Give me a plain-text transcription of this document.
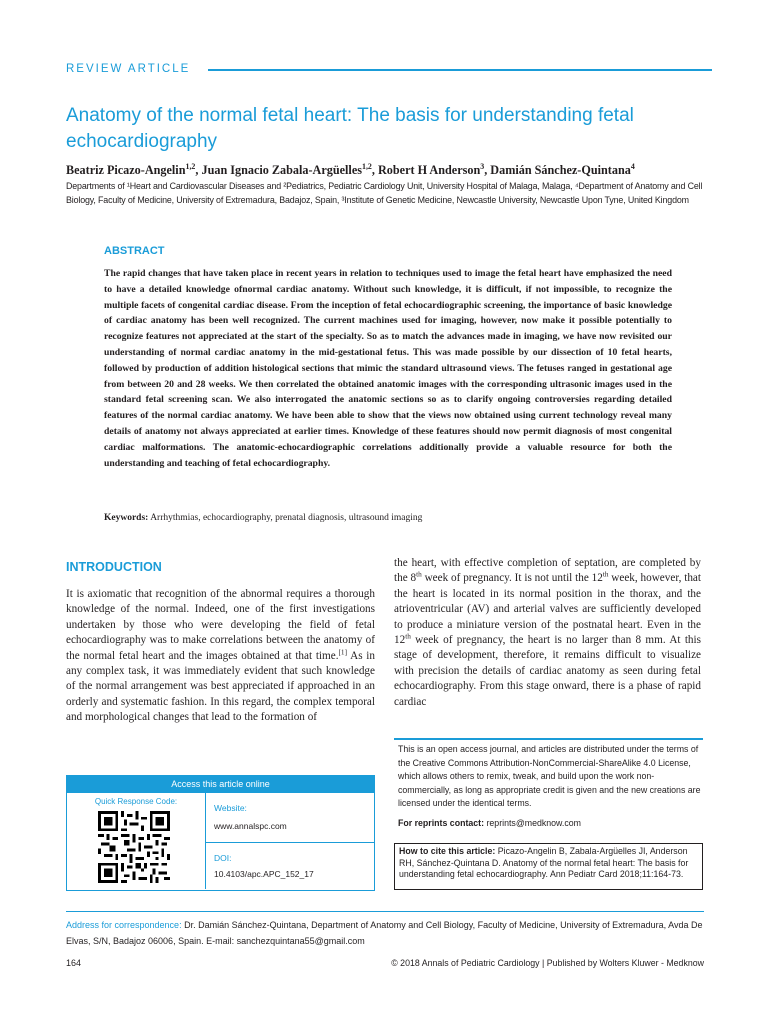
REVIEW ARTICLE
Anatomy of the normal fetal heart: The basis for understanding fetal echocardiography
Beatriz Picazo-Angelin$^{1,2}$, Juan Ignacio Zabala-Argüelles$^{1,2}$, Robert H Anderson$^3$, Damián Sánchez-Quintana$^4$
Departments of ¹Heart and Cardiovascular Diseases and ²Pediatrics, Pediatric Cardiology Unit, University Hospital of Malaga, Malaga, ⁴Department of Anatomy and Cell Biology, Faculty of Medicine, University of Extremadura, Badajoz, Spain, ³Institute of Genetic Medicine, Newcastle University, Newcastle Upon Tyne, United Kingdom
ABSTRACT
The rapid changes that have taken place in recent years in relation to techniques used to image the fetal heart have emphasized the need to have a detailed knowledge ofnormal cardiac anatomy. Without such knowledge, it is difficult, if not impossible, to recognize the multiple facets of congenital cardiac disease. From the inception of fetal echocardiographic screening, the importance of basic knowledge of cardiac anatomy has been well recognized. The current machines used for imaging, however, now make it possible potentially to recognize features not appreciated at the start of the specialty. So as to match the advances made in imaging, we have now revisited our understanding of normal cardiac anatomy in the mid-gestational fetus. This was made possible by our dissection of 10 fetal hearts, followed by production of addition histological sections that mimic the standard ultrasound views. The fetuses ranged in gestational age from between 20 and 28 weeks. We then correlated the obtained anatomic images with the corresponding ultrasonic images used in the standard fetal screening scan. We also interrogated the anatomic sections so as to clarify ongoing controversies regarding detailed features of the normal cardiac anatomy. We have been able to show that the views now obtained using current technology reveal many details of anatomy not always appreciated at earlier times. Knowledge of these features should now permit diagnosis of most congenital cardiac malformations. The anatomic-echocardiographic correlations additionally provide a valuable resource for both the understanding and teaching of fetal echocardiography.
Keywords: Arrhythmias, echocardiography, prenatal diagnosis, ultrasound imaging
INTRODUCTION
It is axiomatic that recognition of the abnormal requires a thorough knowledge of the normal. Indeed, one of the first investigations undertaken by those who were developing the field of fetal echocardiography was to make correlations between the anatomy of the normal fetal heart and the images obtained at that time.[1] As in any complex task, it was immediately evident that such knowledge of the normal arrangement was best appreciated if approached in an orderly and systematic fashion. In this regard, the complex temporal and morphological changes that lead to the formation of
the heart, with effective completion of septation, are completed by the 8th week of pregnancy. It is not until the 12th week, however, that the heart is located in its normal position in the thorax, and the atrioventricular (AV) and arterial valves are sufficiently developed to produce a miniature version of the postnatal heart. Even in the 12th week of pregnancy, the heart is no larger than 8 mm. At this stage of development, therefore, it remains difficult to visualize with precision the details of cardiac anatomy as seen during fetal echocardiography. From this stage onward, there is a phase of rapid cardiac
Access this article online
Quick Response Code:
Website:
www.annalspc.com
DOI:
10.4103/apc.APC_152_17
This is an open access journal, and articles are distributed under the terms of the Creative Commons Attribution-NonCommercial-ShareAlike 4.0 License, which allows others to remix, tweak, and build upon the work non-commercially, as long as appropriate credit is given and the new creations are licensed under the identical terms.
For reprints contact: reprints@medknow.com
How to cite this article: Picazo-Angelin B, Zabala-Argüelles JI, Anderson RH, Sánchez-Quintana D. Anatomy of the normal fetal heart: The basis for understanding fetal echocardiography. Ann Pediatr Card 2018;11:164-73.
Address for correspondence: Dr. Damián Sánchez-Quintana, Department of Anatomy and Cell Biology, Faculty of Medicine, University of Extremadura, Avda De Elvas, S/N, Badajoz 06006, Spain. E-mail: sanchezquintana55@gmail.com
164	© 2018 Annals of Pediatric Cardiology | Published by Wolters Kluwer - Medknow
